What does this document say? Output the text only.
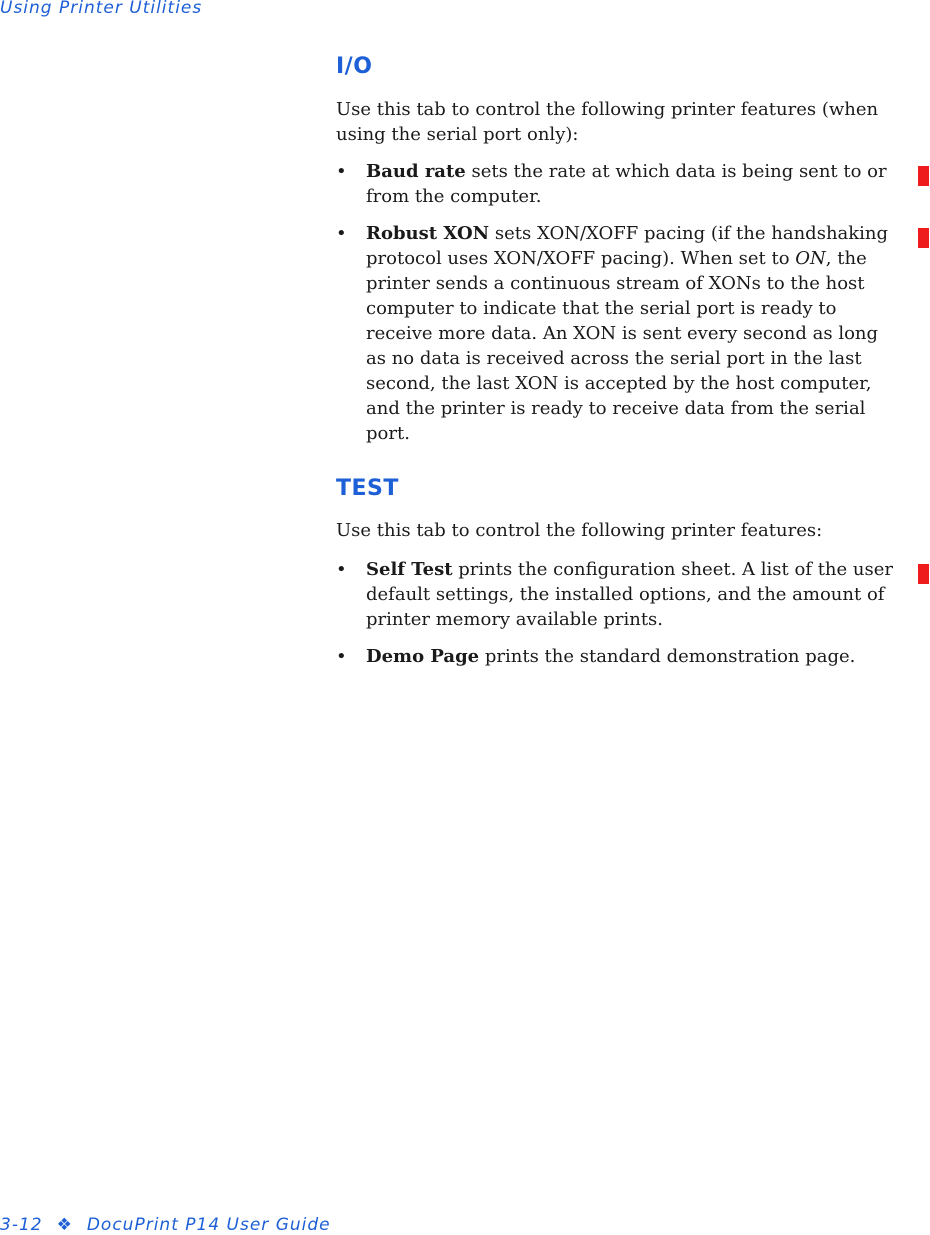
Using Printer Utilities
I/O

Use this tab to control the following printer features (when using the serial port only):

•	Baud rate sets the rate at which data is being sent to or from the computer.
•	Robust XON sets XON/XOFF pacing (if the handshaking protocol uses XON/XOFF pacing). When set to ON, the printer sends a continuous stream of XONs to the host computer to indicate that the serial port is ready to receive more data. An XON is sent every second as long as no data is received across the serial port in the last second, the last XON is accepted by the host computer, and the printer is ready to receive data from the serial port.
TEST

Use this tab to control the following printer features:

•	Self Test prints the configuration sheet. A list of the user default settings, the installed options, and the amount of printer memory available prints.
•	Demo Page prints the standard demonstration page.
3-12 ❖ DocuPrint P14 User Guide
